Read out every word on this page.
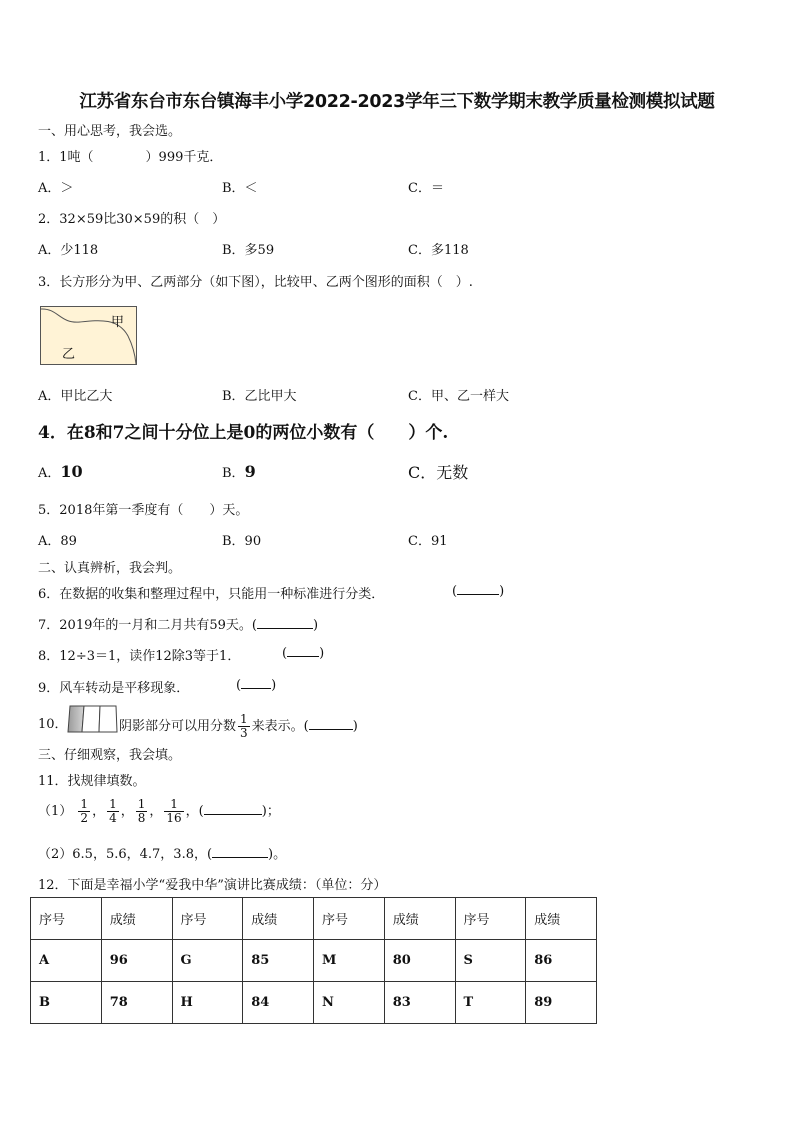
江苏省东台市东台镇海丰小学2022-2023学年三下数学期末教学质量检测模拟试题
一、用心思考，我会选。
1．1吨（　　　　）999千克．
A．＞	B．＜	C．＝
2．32×59比30×59的积（　）
A．少118	B．多59	C．多118
3．长方形分为甲、乙两部分（如下图），比较甲、乙两个图形的面积（　）.
甲
乙
A．甲比乙大	B．乙比甲大	C．甲、乙一样大
4．在8和7之间十分位上是0的两位小数有（　　）个.
A．10	B．9	C．无数
5．2018年第一季度有（　　）天。
A．89	B．90	C．91
二、认真辨析，我会判。
6．在数据的收集和整理过程中，只能用一种标准进行分类．	(	)
7．2019年的一月和二月共有59天。(	)
8．12÷3＝1，读作12除3等于1．	( )
9．风车转动是平移现象．	( )
10．	阴影部分可以用分数 $\frac{1}{3}$ 来表示。(	)
三、仔细观察，我会填。
11．找规律填数。
$(1) \frac{1}{2}$ ， $\frac{1}{4}$ ， $\frac{1}{8}$ ， $\frac{1}{16}$ ，(	)；
（2）6.5，5.6，4.7，3.8，(	)。
12．下面是幸福小学“爱我中华”演讲比赛成绩：（单位：分）
序号	成绩	序号	成绩	序号	成绩	序号	成绩
A	96	G	85	M	80	S	86
B	78	H	84	N	83	T	89
